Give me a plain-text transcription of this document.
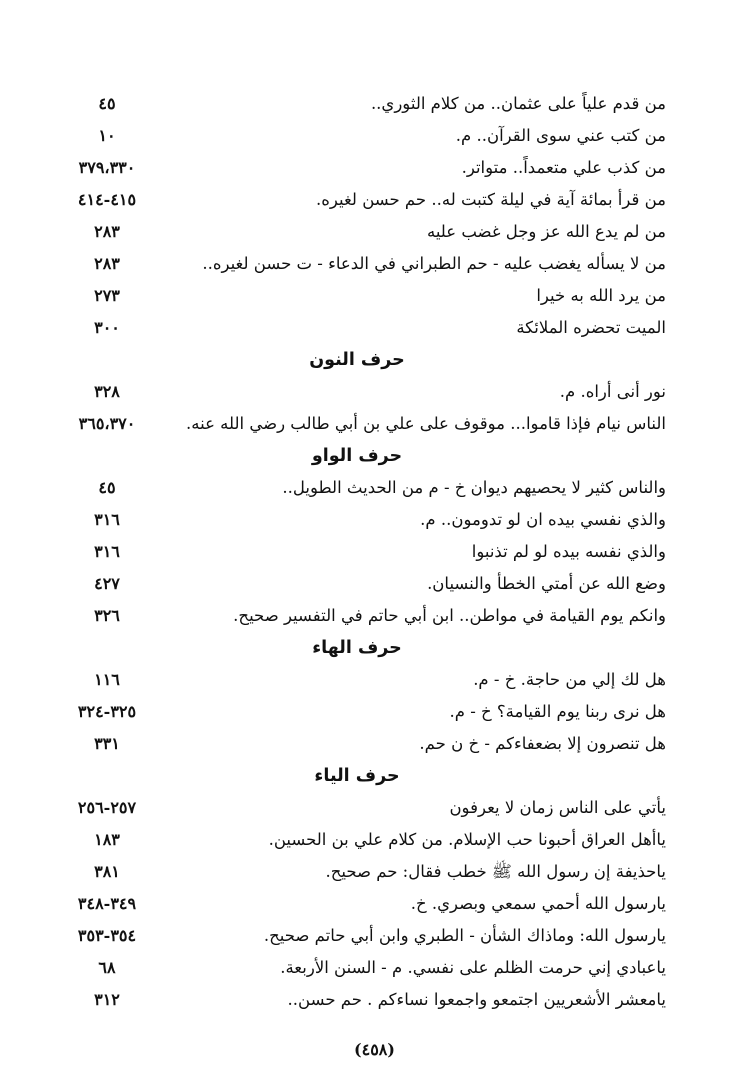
من قدم علياً على عثمان.. من كلام الثوري..
٤٥
من كتب عني سوى القرآن.. م.
١٠
من كذب علي متعمداً.. متواتر.
٣٧٩،٣٣٠
من قرأ بمائة آية في ليلة كتبت له.. حم حسن لغيره.
٤١٥-٤١٤
من لم يدع الله عز وجل غضب عليه
٢٨٣
من لا يسأله يغضب عليه - حم الطبراني في الدعاء - ت حسن لغيره..
٢٨٣
من يرد الله به خيرا
٢٧٣
الميت تحضره الملائكة
٣٠٠
حرف النون
نور أنى أراه. م.
٣٢٨
الناس نيام فإذا قاموا... موقوف على علي بن أبي طالب رضي الله عنه.
٣٦٥،٣٧٠
حرف الواو
والناس كثير لا يحصيهم ديوان خ - م من الحديث الطويل..
٤٥
والذي نفسي بيده ان لو تدومون.. م.
٣١٦
والذي نفسه بيده لو لم تذنبوا
٣١٦
وضع الله عن أمتي الخطأ والنسيان.
٤٢٧
وانكم يوم القيامة في مواطن.. ابن أبي حاتم في التفسير صحيح.
٣٢٦
حرف الهاء
هل لك إلي من حاجة. خ - م.
١١٦
هل نرى ربنا يوم القيامة؟ خ - م.
٣٢٥-٣٢٤
هل تنصرون إلا بضعفاءكم - خ ن حم.
٣٣١
حرف الياء
يأتي على الناس زمان لا يعرفون
٢٥٧-٢٥٦
ياأهل العراق أحبونا حب الإسلام. من كلام علي بن الحسين.
١٨٣
ياحذيفة إن رسول الله ﷺ خطب فقال: حم صحيح.
٣٨١
يارسول الله أحمي سمعي وبصري. خ.
٣٤٩-٣٤٨
يارسول الله: وماذاك الشأن - الطبري وابن أبي حاتم صحيح.
٣٥٤-٣٥٣
ياعبادي إني حرمت الظلم على نفسي. م - السنن الأربعة.
٦٨
يامعشر الأشعريين اجتمعو واجمعوا نساءكم . حم حسن..
٣١٢
(٤٥٨)
